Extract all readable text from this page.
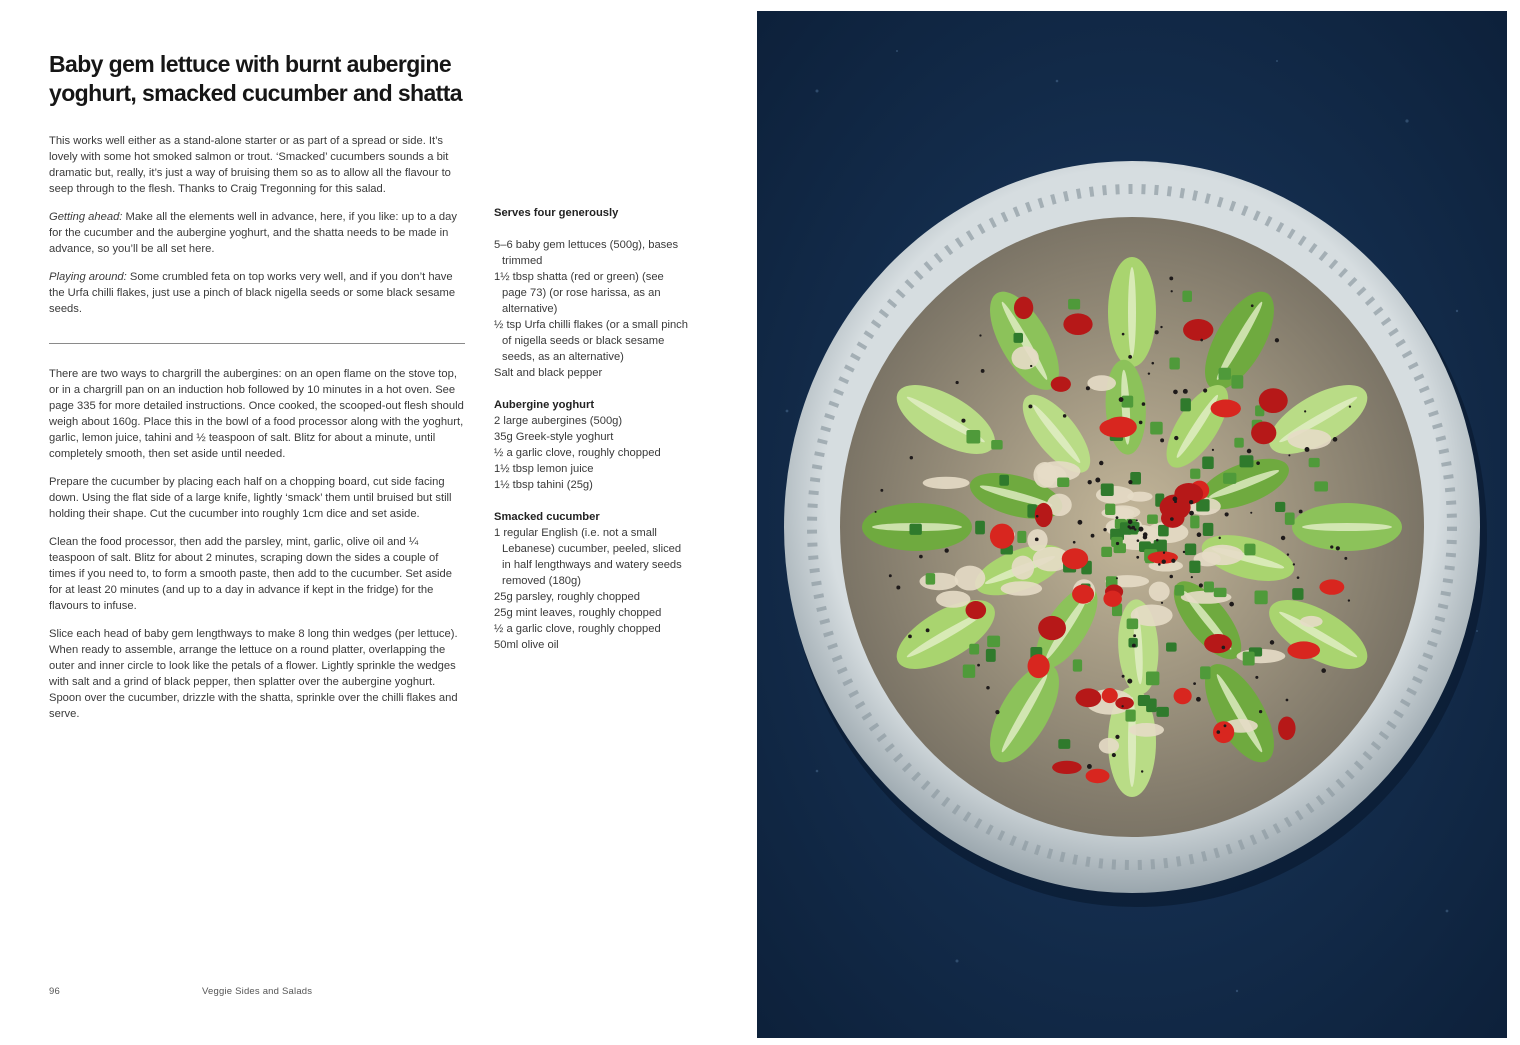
Baby gem lettuce with burnt aubergine
yoghurt, smacked cucumber and shatta

This works well either as a stand-alone starter or as part of a spread or side. It’s lovely with some hot smoked salmon or trout. ‘Smacked’ cucumbers sounds a bit dramatic but, really, it’s just a way of bruising them so as to allow all the flavour to seep through to the flesh. Thanks to Craig Tregonning for this salad.

Getting ahead: Make all the elements well in advance, here, if you like: up to a day for the cucumber and the aubergine yoghurt, and the shatta needs to be made in advance, so you’ll be all set here.

Playing around: Some crumbled feta on top works very well, and if you don’t have the Urfa chilli flakes, just use a pinch of black nigella seeds or some black sesame seeds.

There are two ways to chargrill the aubergines: on an open flame on the stove top, or in a chargrill pan on an induction hob followed by 10 minutes in a hot oven. See page 335 for more detailed instructions. Once cooked, the scooped-out flesh should weigh about 160g. Place this in the bowl of a food processor along with the yoghurt, garlic, lemon juice, tahini and ½ teaspoon of salt. Blitz for about a minute, until completely smooth, then set aside until needed.

Prepare the cucumber by placing each half on a chopping board, cut side facing down. Using the flat side of a large knife, lightly ‘smack’ them until bruised but still holding their shape. Cut the cucumber into roughly 1cm dice and set aside.

Clean the food processor, then add the parsley, mint, garlic, olive oil and ¼ teaspoon of salt. Blitz for about 2 minutes, scraping down the sides a couple of times if you need to, to form a smooth paste, then add to the cucumber. Set aside for at least 20 minutes (and up to a day in advance if kept in the fridge) for the flavours to infuse.

Slice each head of baby gem lengthways to make 8 long thin wedges (per lettuce). When ready to assemble, arrange the lettuce on a round platter, overlapping the outer and inner circle to look like the petals of a flower. Lightly sprinkle the wedges with salt and a grind of black pepper, then splatter over the aubergine yoghurt. Spoon over the cucumber, drizzle with the shatta, sprinkle over the chilli flakes and serve.

Serves four generously
5–6 baby gem lettuces (500g), bases trimmed
1½ tbsp shatta (red or green) (see page 73) (or rose harissa, as an alternative)
½ tsp Urfa chilli flakes (or a small pinch of nigella seeds or black sesame seeds, as an alternative)
Salt and black pepper
Aubergine yoghurt
2 large aubergines (500g)
35g Greek-style yoghurt
½ a garlic clove, roughly chopped
1½ tbsp lemon juice
1½ tbsp tahini (25g)
Smacked cucumber
1 regular English (i.e. not a small Lebanese) cucumber, peeled, sliced in half lengthways and watery seeds removed (180g)
25g parsley, roughly chopped
25g mint leaves, roughly chopped
½ a garlic clove, roughly chopped
50ml olive oil
96	Veggie Sides and Salads
